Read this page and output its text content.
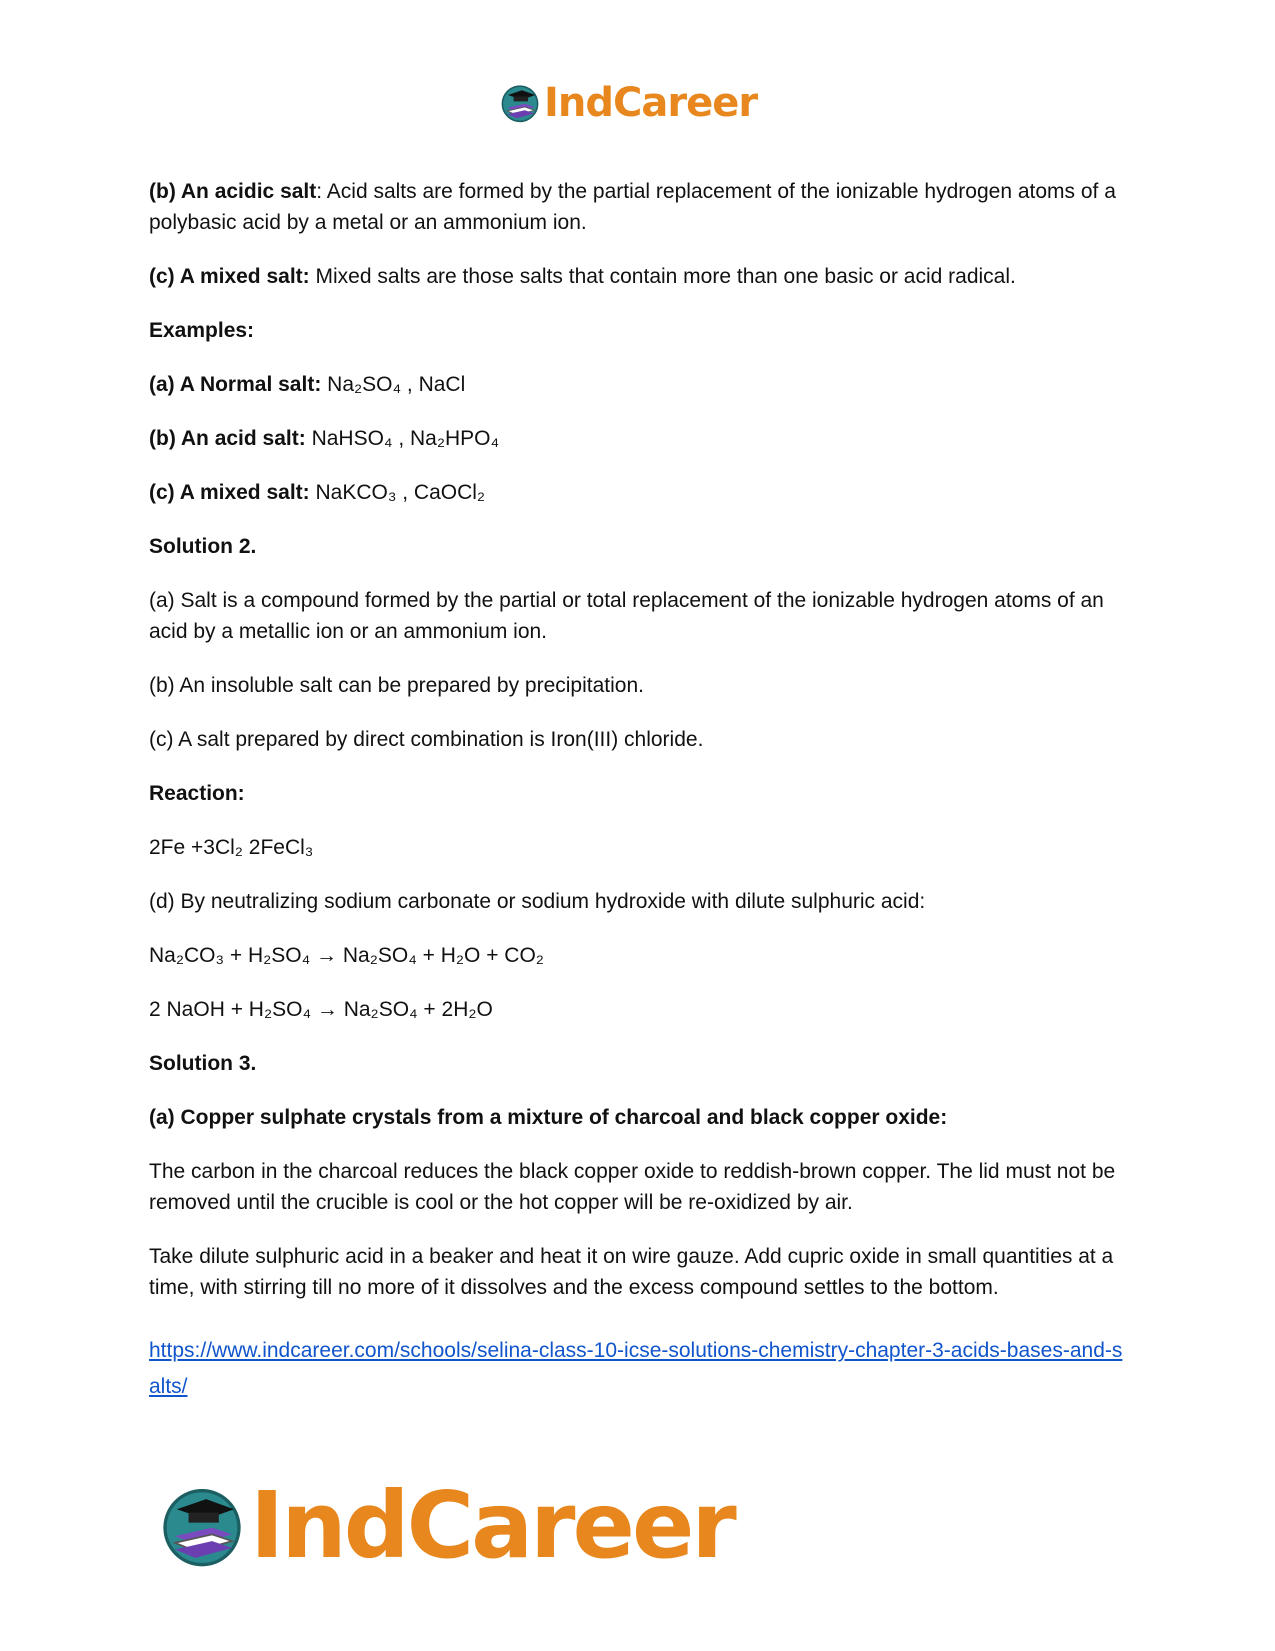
IndCareer

(b) An acidic salt: Acid salts are formed by the partial replacement of the ionizable hydrogen atoms of a polybasic acid by a metal or an ammonium ion.

(c) A mixed salt: Mixed salts are those salts that contain more than one basic or acid radical.

Examples:

(a) A Normal salt: Na₂SO₄ , NaCl

(b) An acid salt: NaHSO₄ , Na₂HPO₄

(c) A mixed salt: NaKCO₃ , CaOCl₂

Solution 2.

(a) Salt is a compound formed by the partial or total replacement of the ionizable hydrogen atoms of an acid by a metallic ion or an ammonium ion.

(b) An insoluble salt can be prepared by precipitation.

(c) A salt prepared by direct combination is Iron(III) chloride.

Reaction:

2Fe +3Cl₂ 2FeCl₃

(d) By neutralizing sodium carbonate or sodium hydroxide with dilute sulphuric acid:

Na₂CO₃ + H₂SO₄ → Na₂SO₄ + H₂O + CO₂

2 NaOH + H₂SO₄ → Na₂SO₄ + 2H₂O

Solution 3.

(a) Copper sulphate crystals from a mixture of charcoal and black copper oxide:

The carbon in the charcoal reduces the black copper oxide to reddish-brown copper. The lid must not be removed until the crucible is cool or the hot copper will be re-oxidized by air.

Take dilute sulphuric acid in a beaker and heat it on wire gauze. Add cupric oxide in small quantities at a time, with stirring till no more of it dissolves and the excess compound settles to the bottom.

https://www.indcareer.com/schools/selina-class-10-icse-solutions-chemistry-chapter-3-acids-bases-and-salts/

IndCareer
